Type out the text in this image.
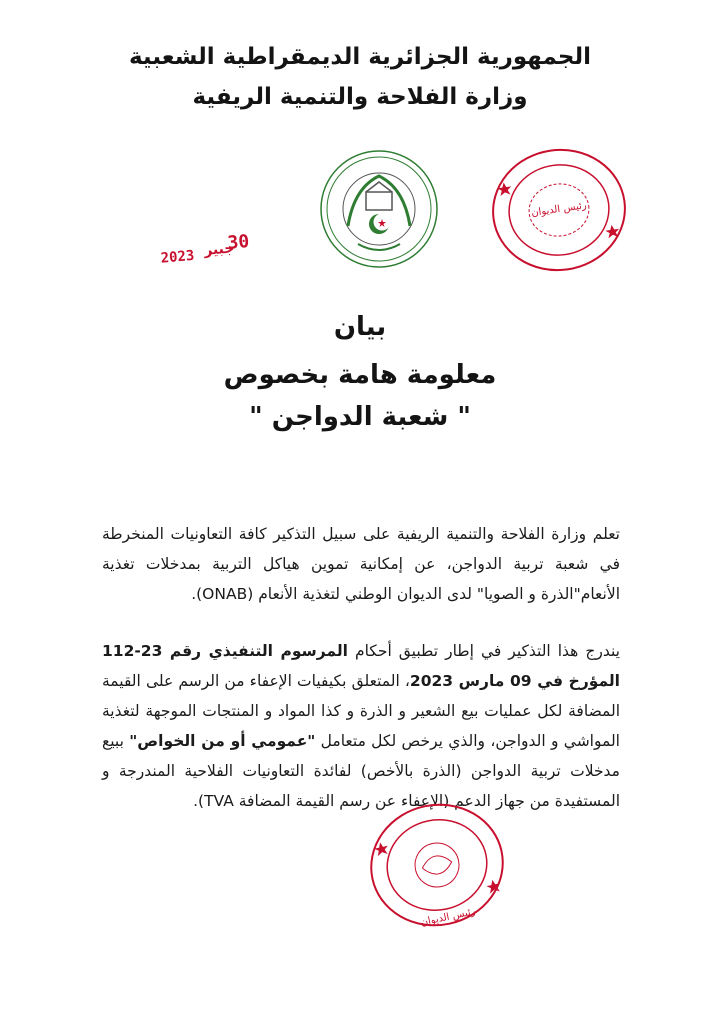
الجمهورية الجزائرية الديمقراطية الشعبية
وزارة الفلاحة والتنمية الريفية
رئيس الديوان
2023 جبير
30
بيان
معلومة هامة بخصوص
" شعبة الدواجن "

تعلم وزارة الفلاحة والتنمية الريفية على سبيل التذكير كافة التعاونيات المنخرطة في شعبة تربية الدواجن، عن إمكانية تموين هياكل التربية بمدخلات تغذية الأنعام"الذرة و الصويا" لدى الديوان الوطني لتغذية الأنعام (ONAB).

يندرج هذا التذكير في إطار تطبيق أحكام المرسوم التنفيذي رقم 23-112 المؤرخ في 09 مارس 2023، المتعلق بكيفيات الإعفاء من الرسم على القيمة المضافة لكل عمليات بيع الشعير و الذرة و كذا المواد و المنتجات الموجهة لتغذية المواشي و الدواجن، والذي يرخص لكل متعامل "عمومي أو من الخواص" ببيع مدخلات تربية الدواجن (الذرة بالأخص) لفائدة التعاونيات الفلاحية المندرجة و المستفيدة من جهاز الدعم (الإعفاء عن رسم القيمة المضافة TVA).

رئيس الديوان
